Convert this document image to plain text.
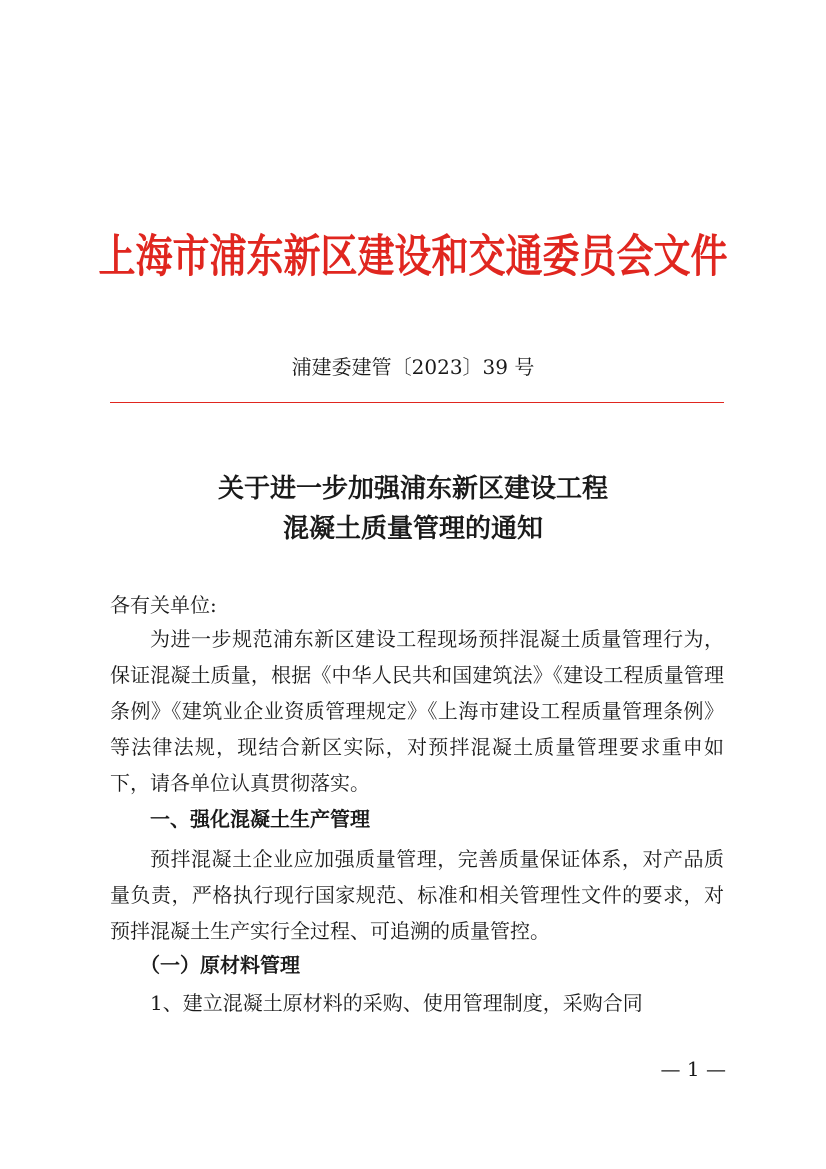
上海市浦东新区建设和交通委员会文件
浦建委建管〔2023〕39 号
关于进一步加强浦东新区建设工程
混凝土质量管理的通知
各有关单位:

为进一步规范浦东新区建设工程现场预拌混凝土质量管理行为，保证混凝土质量，根据《中华人民共和国建筑法》《建设工程质量管理条例》《建筑业企业资质管理规定》《上海市建设工程质量管理条例》等法律法规，现结合新区实际，对预拌混凝土质量管理要求重申如下，请各单位认真贯彻落实。

一、强化混凝土生产管理

预拌混凝土企业应加强质量管理，完善质量保证体系，对产品质量负责，严格执行现行国家规范、标准和相关管理性文件的要求，对预拌混凝土生产实行全过程、可追溯的质量管控。

（一）原材料管理

1、建立混凝土原材料的采购、使用管理制度，采购合同

— 1 —
